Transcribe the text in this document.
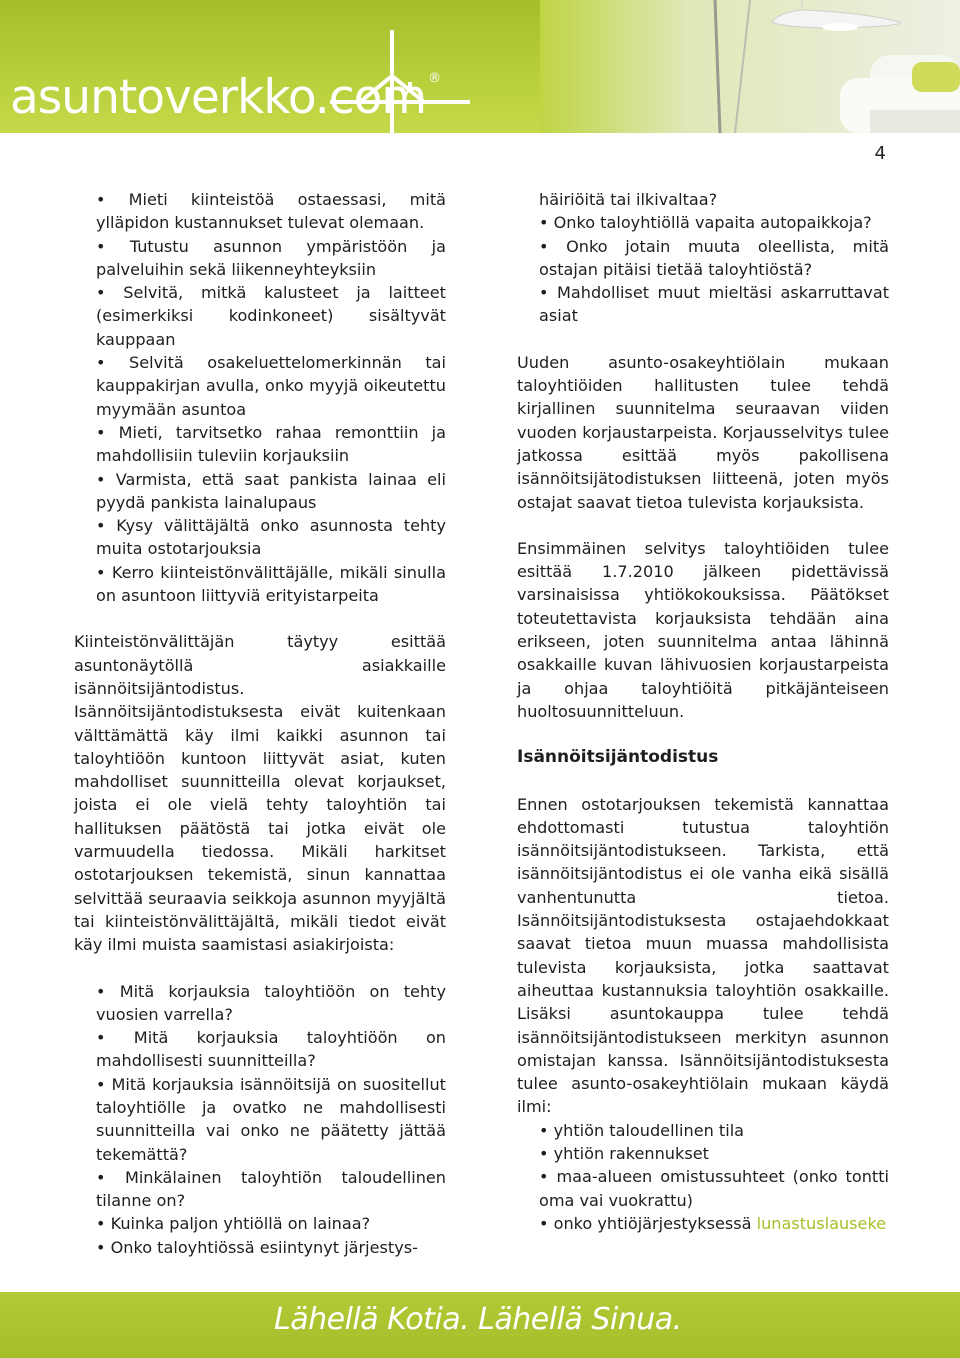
asuntoverkko.com ®
4

• Mieti kiinteistöä ostaessasi, mitä ylläpidon kustannukset tulevat olemaan.

• Tutustu asunnon ympäristöön ja palveluihin sekä liikenneyhteyksiin

• Selvitä, mitkä kalusteet ja laitteet (esimerkiksi kodinkoneet) sisältyvät kauppaan

• Selvitä osakeluettelomerkinnän tai kauppakirjan avulla, onko myyjä oikeutettu myymään asuntoa

• Mieti, tarvitsetko rahaa remonttiin ja mahdollisiin tuleviin korjauksiin

• Varmista, että saat pankista lainaa eli pyydä pankista lainalupaus

• Kysy välittäjältä onko asunnosta tehty muita ostotarjouksia

• Kerro kiinteistönvälittäjälle, mikäli sinulla on asuntoon liittyviä erityistarpeita

Kiinteistönvälittäjän täytyy esittää asuntonäytöllä asiakkaille isännöitsijäntodistus. Isännöitsijäntodistuksesta eivät kuitenkaan välttämättä käy ilmi kaikki asunnon tai taloyhtiöön kuntoon liittyvät asiat, kuten mahdolliset suunnitteilla olevat korjaukset, joista ei ole vielä tehty taloyhtiön tai hallituksen päätöstä tai jotka eivät ole varmuudella tiedossa. Mikäli harkitset ostotarjouksen tekemistä, sinun kannattaa selvittää seuraavia seikkoja asunnon myyjältä tai kiinteistönvälittäjältä, mikäli tiedot eivät käy ilmi muista saamistasi asiakirjoista:

• Mitä korjauksia taloyhtiöön on tehty vuosien varrella?

• Mitä korjauksia taloyhtiöön on mahdollisesti suunnitteilla?

• Mitä korjauksia isännöitsijä on suositellut taloyhtiölle ja ovatko ne mahdollisesti suunnitteilla vai onko ne päätetty jättää tekemättä?

• Minkälainen taloyhtiön taloudellinen tilanne on?

• Kuinka paljon yhtiöllä on lainaa?

• Onko taloyhtiössä esiintynyt järjestys-

häiriöitä tai ilkivaltaa?

• Onko taloyhtiöllä vapaita autopaikkoja?

• Onko jotain muuta oleellista, mitä ostajan pitäisi tietää taloyhtiöstä?

• Mahdolliset muut mieltäsi askarruttavat asiat

Uuden asunto-osakeyhtiölain mukaan taloyhtiöiden hallitusten tulee tehdä kirjallinen suunnitelma seuraavan viiden vuoden korjaustarpeista. Korjausselvitys tulee jatkossa esittää myös pakollisena isännöitsijätodistuksen liitteenä, joten myös ostajat saavat tietoa tulevista korjauksista.

Ensimmäinen selvitys taloyhtiöiden tulee esittää 1.7.2010 jälkeen pidettävissä varsinaisissa yhtiökokouksissa. Päätökset toteutettavista korjauksista tehdään aina erikseen, joten suunnitelma antaa lähinnä osakkaille kuvan lähivuosien korjaustarpeista ja ohjaa taloyhtiöitä pitkäjänteiseen huoltosuunnitteluun.

Isännöitsijäntodistus

Ennen ostotarjouksen tekemistä kannattaa ehdottomasti tutustua taloyhtiön isännöitsijäntodistukseen. Tarkista, että isännöitsijäntodistus ei ole vanha eikä sisällä vanhentunutta tietoa. Isännöitsijäntodistuksesta ostajaehdokkaat saavat tietoa muun muassa mahdollisista tulevista korjauksista, jotka saattavat aiheuttaa kustannuksia taloyhtiön osakkaille. Lisäksi asuntokauppa tulee tehdä isännöitsijäntodistukseen merkityn asunnon omistajan kanssa. Isännöitsijäntodistuksesta tulee asunto-osakeyhtiölain mukaan käydä ilmi:

• yhtiön taloudellinen tila

• yhtiön rakennukset

• maa-alueen omistussuhteet (onko tontti oma vai vuokrattu)

• onko yhtiöjärjestyksessä lunastuslauseke

Lähellä Kotia. Lähellä Sinua.
